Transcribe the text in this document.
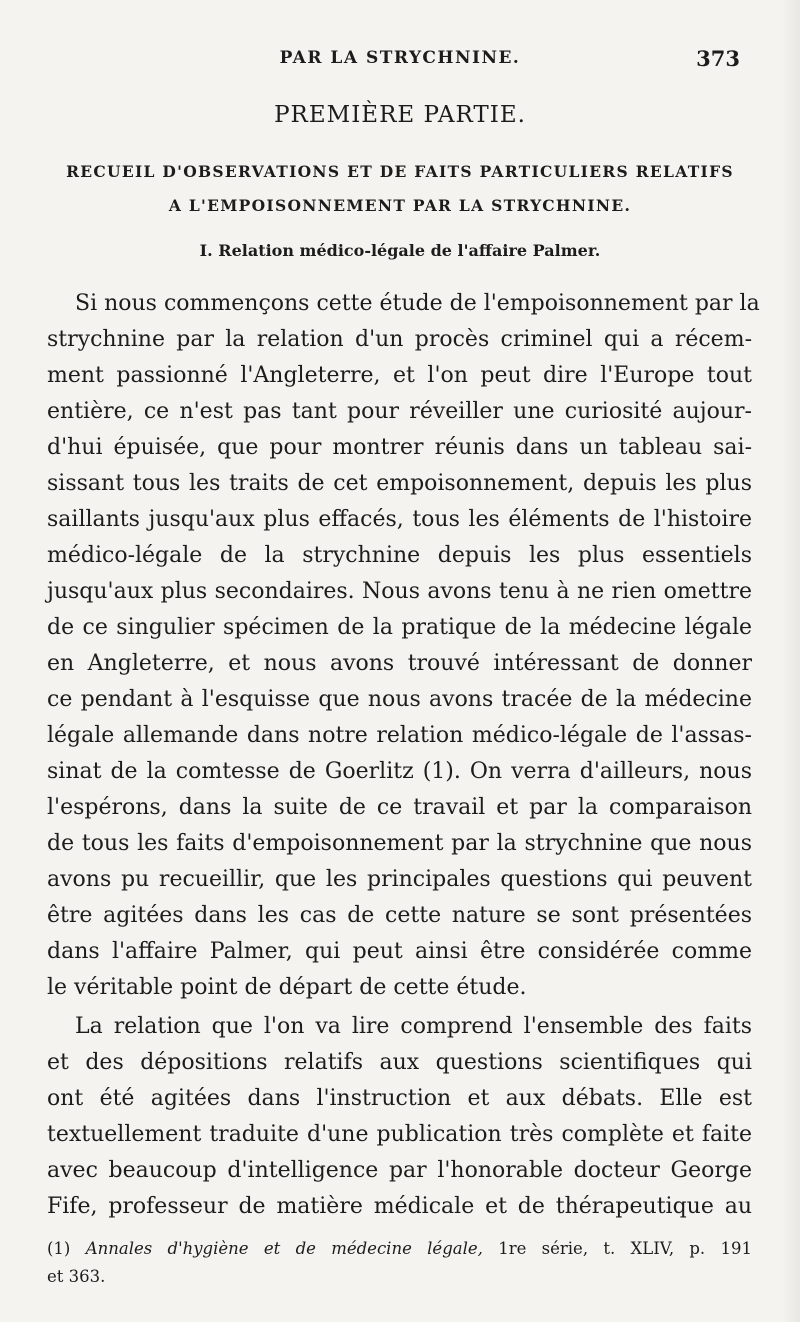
PAR LA STRYCHNINE.	373
PREMIÈRE PARTIE.
RECUEIL D'OBSERVATIONS ET DE FAITS PARTICULIERS RELATIFS
A L'EMPOISONNEMENT PAR LA STRYCHNINE.
I. Relation médico-légale de l'affaire Palmer.
Si nous commençons cette étude de l'empoisonnement par la
strychnine par la relation d'un procès criminel qui a récem-
ment passionné l'Angleterre, et l'on peut dire l'Europe tout
entière, ce n'est pas tant pour réveiller une curiosité aujour-
d'hui épuisée, que pour montrer réunis dans un tableau sai-
sissant tous les traits de cet empoisonnement, depuis les plus
saillants jusqu'aux plus effacés, tous les éléments de l'histoire
médico-légale de la strychnine depuis les plus essentiels
jusqu'aux plus secondaires. Nous avons tenu à ne rien omettre
de ce singulier spécimen de la pratique de la médecine légale
en Angleterre, et nous avons trouvé intéressant de donner
ce pendant à l'esquisse que nous avons tracée de la médecine
légale allemande dans notre relation médico-légale de l'assas-
sinat de la comtesse de Goerlitz (1). On verra d'ailleurs, nous
l'espérons, dans la suite de ce travail et par la comparaison
de tous les faits d'empoisonnement par la strychnine que nous
avons pu recueillir, que les principales questions qui peuvent
être agitées dans les cas de cette nature se sont présentées
dans l'affaire Palmer, qui peut ainsi être considérée comme
le véritable point de départ de cette étude.
La relation que l'on va lire comprend l'ensemble des faits
et des dépositions relatifs aux questions scientifiques qui
ont été agitées dans l'instruction et aux débats. Elle est
textuellement traduite d'une publication très complète et faite
avec beaucoup d'intelligence par l'honorable docteur George
Fife, professeur de matière médicale et de thérapeutique au
(1) Annales d'hygiène et de médecine légale, 1re série, t. XLIV, p. 191
et 363.
